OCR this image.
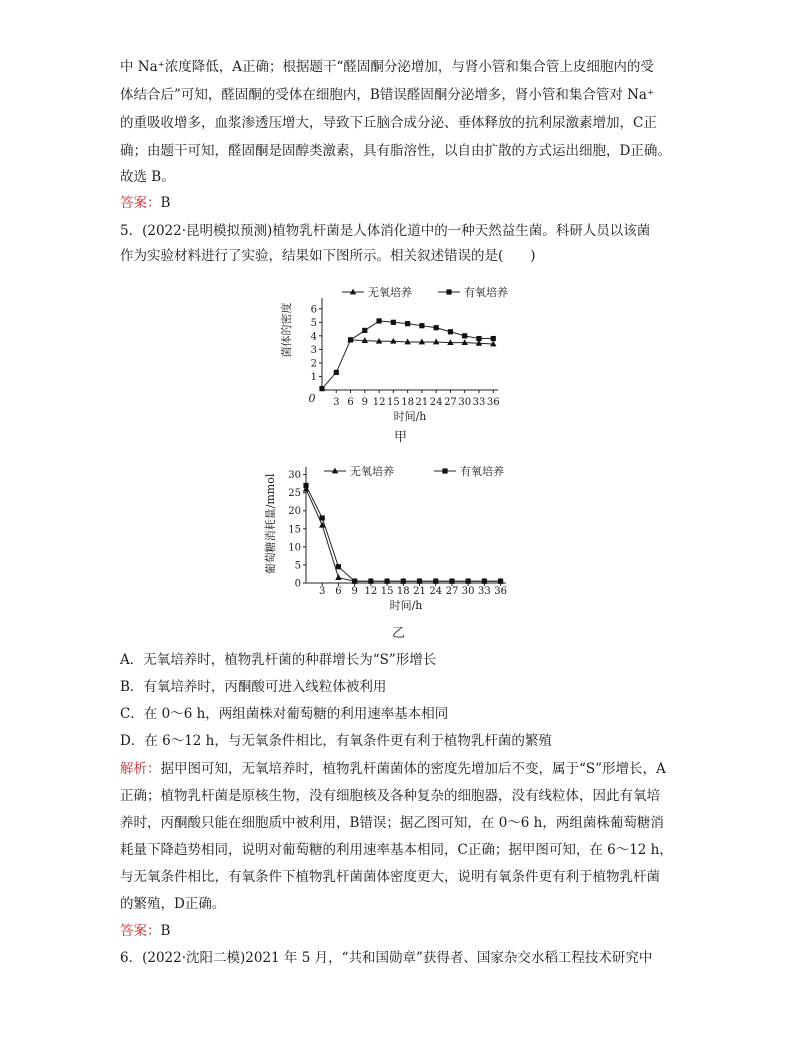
中 Na⁺浓度降低，A正确；根据题干“醛固酮分泌增加，与肾小管和集合管上皮细胞内的受
体结合后”可知，醛固酮的受体在细胞内，B错误醛固酮分泌增多，肾小管和集合管对 Na⁺
的重吸收增多，血浆渗透压增大，导致下丘脑合成分泌、垂体释放的抗利尿激素增加，C正
确；由题干可知，醛固酮是固醇类激素，具有脂溶性，以自由扩散的方式运出细胞，D正确。
故选 B。
答案：B
5．(2022·昆明模拟预测)植物乳杆菌是人体消化道中的一种天然益生菌。科研人员以该菌
作为实验材料进行了实验，结果如下图所示。相关叙述错误的是(　　)
3 6 9 12 15 18 21 24 27 30 33 36
1
2
3
4
5
6
0
时间/h
菌体的密度
无氧培养	有氧培养
甲
3 6 9 12 15 18 21 24 27 30 33 36
0
5
10
15
20
25
30
时间/h
葡萄糖消耗量/mmol
无氧培养	有氧培养
乙
A．无氧培养时，植物乳杆菌的种群增长为“S”形增长
B．有氧培养时，丙酮酸可进入线粒体被利用
C．在 0～6 h，两组菌株对葡萄糖的利用速率基本相同
D．在 6～12 h，与无氧条件相比，有氧条件更有利于植物乳杆菌的繁殖
解析：据甲图可知，无氧培养时，植物乳杆菌菌体的密度先增加后不变，属于“S”形增长，A
正确；植物乳杆菌是原核生物，没有细胞核及各种复杂的细胞器，没有线粒体，因此有氧培
养时，丙酮酸只能在细胞质中被利用，B错误；据乙图可知，在 0～6 h，两组菌株葡萄糖消
耗量下降趋势相同，说明对葡萄糖的利用速率基本相同，C正确；据甲图可知，在 6～12 h，
与无氧条件相比，有氧条件下植物乳杆菌菌体密度更大，说明有氧条件更有利于植物乳杆菌
的繁殖，D正确。
答案：B
6．(2022·沈阳二模)2021 年 5 月，“共和国勋章”获得者、国家杂交水稻工程技术研究中
